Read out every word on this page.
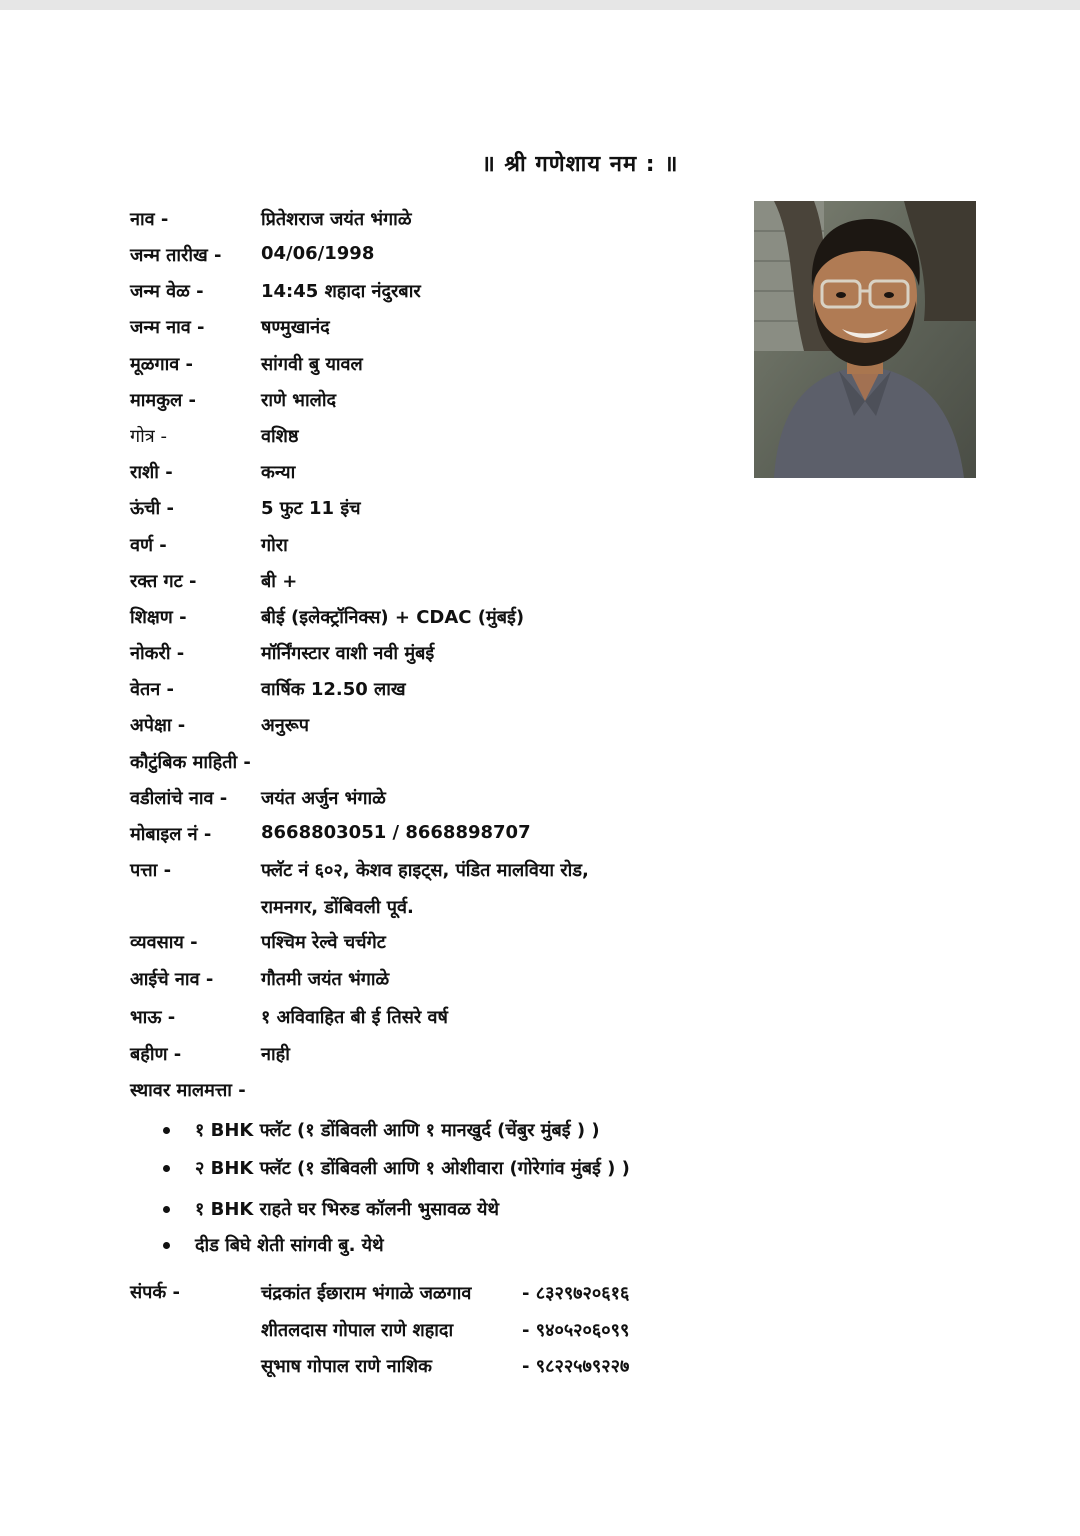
॥ श्री गणेशाय नम : ॥
नाव -	प्रितेशराज जयंत भंगाळे
जन्म तारीख - 04/06/1998
जन्म वेळ -	14:45 शहादा नंदुरबार
जन्म नाव -	षण्मुखानंद
मूळगाव -	सांगवी बु यावल
मामकुल -	राणे भालोद
गोत्र -	वशिष्ठ
राशी -	कन्या
ऊंची -	5 फुट 11 इंच
वर्ण -	गोरा
रक्त गट -	बी +
शिक्षण -	बीई (इलेक्ट्रॉनिक्स) + CDAC (मुंबई)
नोकरी -	मॉर्निंगस्टार वाशी नवी मुंबई
वेतन -	वार्षिक 12.50 लाख
अपेक्षा -	अनुरूप
कौटुंबिक माहिती -
वडीलांचे नाव - जयंत अर्जुन भंगाळे
मोबाइल नं -	8668803051 / 8668898707
पत्ता -	फ्लॅट नं ६०२, केशव हाइट्स, पंडित मालविया रोड,
रामनगर, डोंबिवली पूर्व.
व्यवसाय -	पश्चिम रेल्वे चर्चगेट
आईचे नाव -	गौतमी जयंत भंगाळे
भाऊ -	१ अविवाहित बी ई तिसरे वर्ष
बहीण -	नाही
स्थावर मालमत्ता -
१ BHK फ्लॅट (१ डोंबिवली आणि १ मानखुर्द (चेंबुर मुंबई ) )
२ BHK फ्लॅट (१ डोंबिवली आणि १ ओशीवारा (गोरेगांव मुंबई ) )
१ BHK राहते घर भिरुड कॉलनी भुसावळ येथे
दीड बिघे शेती सांगवी बु. येथे
संपर्क -	चंद्रकांत ईछाराम भंगाळे जळगाव	- ८३२९७२०६१६
शीतलदास गोपाल राणे शहादा	- ९४०५२०६०९९
सूभाष गोपाल राणे नाशिक	- ९८२२५७९२२७
